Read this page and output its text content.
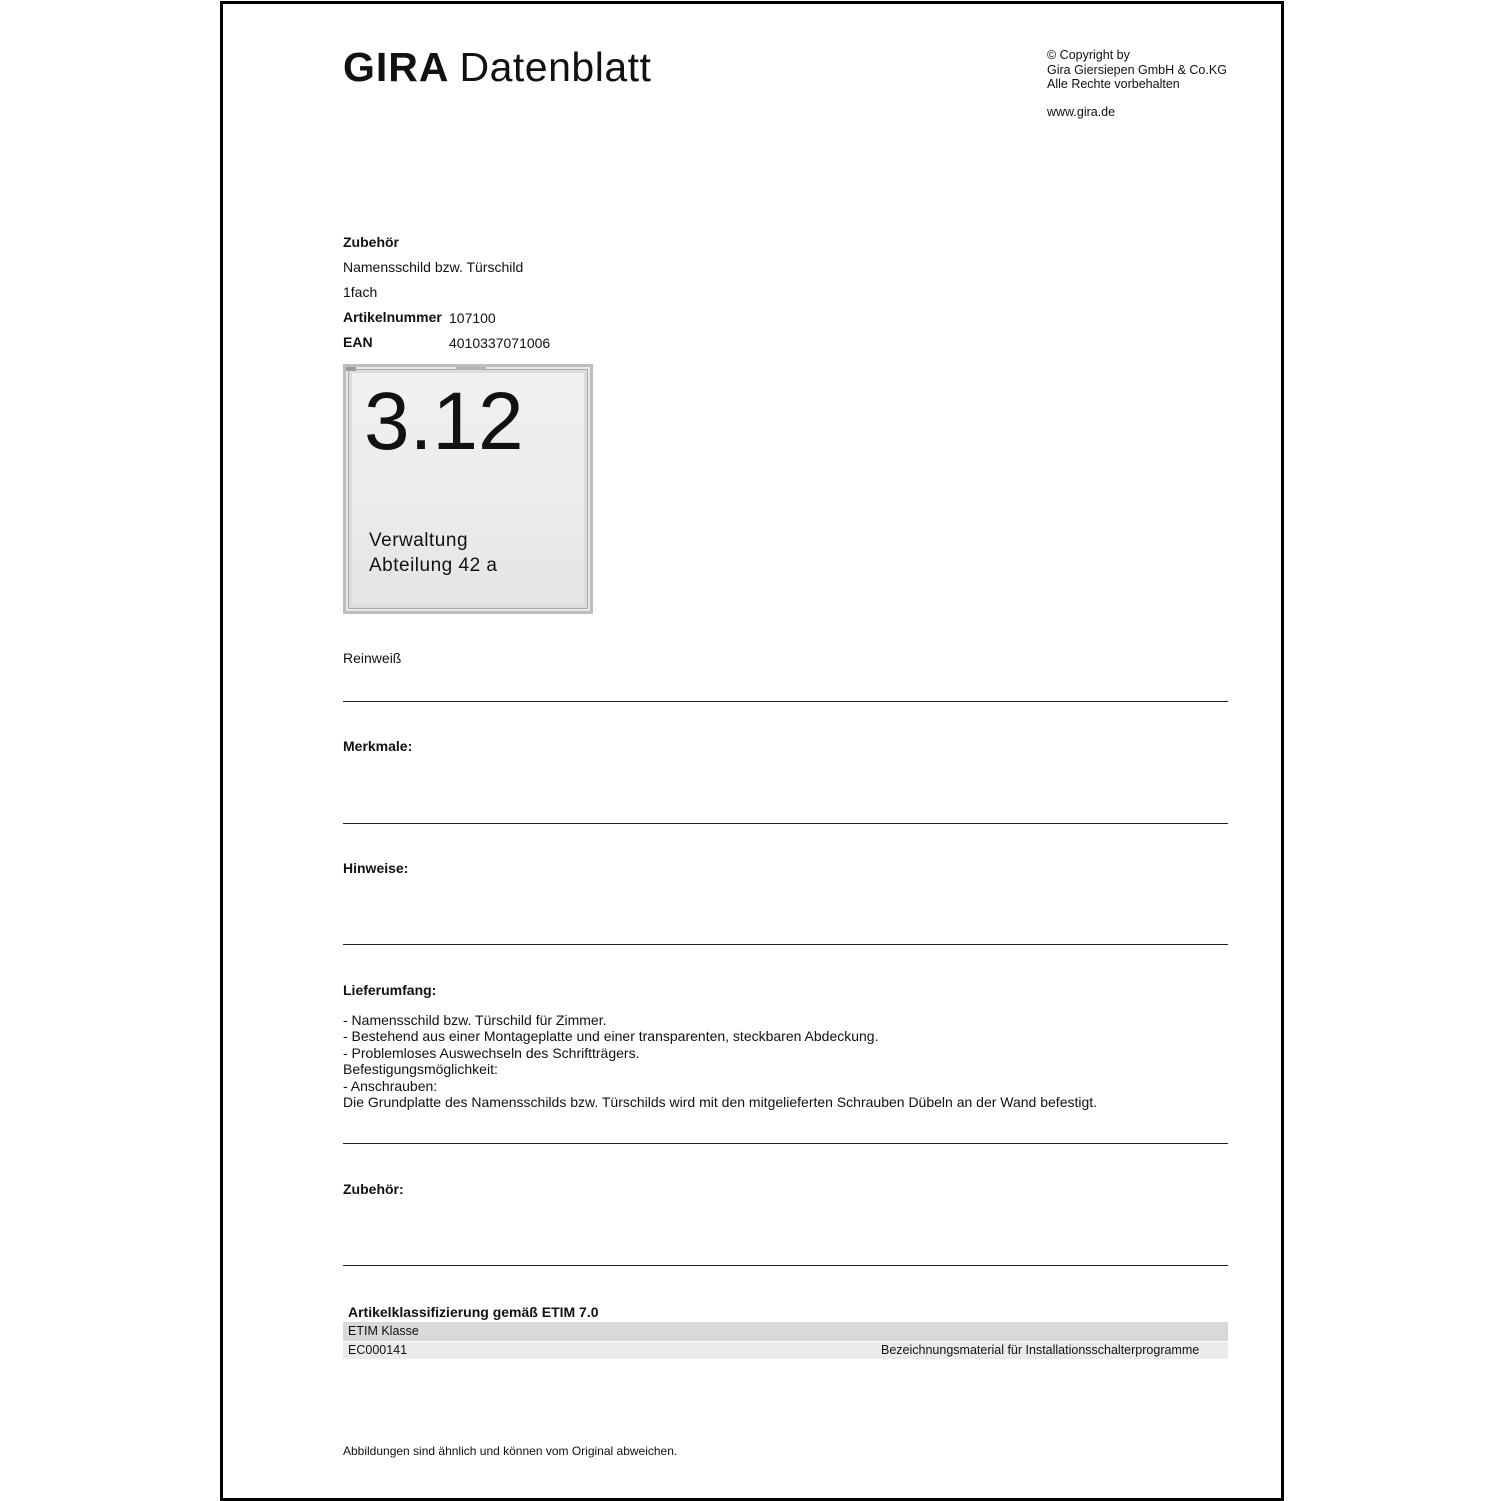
GIRA Datenblatt	© Copyright by
Gira Giersiepen GmbH & Co.KG
Alle Rechte vorbehalten
www.gira.de
Zubehör
Namensschild bzw. Türschild
1fach
Artikelnummer 107100
EAN	4010337071006
3.12
Verwaltung
Abteilung 42 a
Reinweiß
Merkmale:
Hinweise:
Lieferumfang:
- Namensschild bzw. Türschild für Zimmer.
- Bestehend aus einer Montageplatte und einer transparenten, steckbaren Abdeckung.
- Problemloses Auswechseln des Schriftträgers.
Befestigungsmöglichkeit:
- Anschrauben:
Die Grundplatte des Namensschilds bzw. Türschilds wird mit den mitgelieferten Schrauben Dübeln an der Wand befestigt.
Zubehör:
Artikelklassifizierung gemäß ETIM 7.0
ETIM Klasse
EC000141	Bezeichnungsmaterial für Installationsschalterprogramme
Abbildungen sind ähnlich und können vom Original abweichen.
